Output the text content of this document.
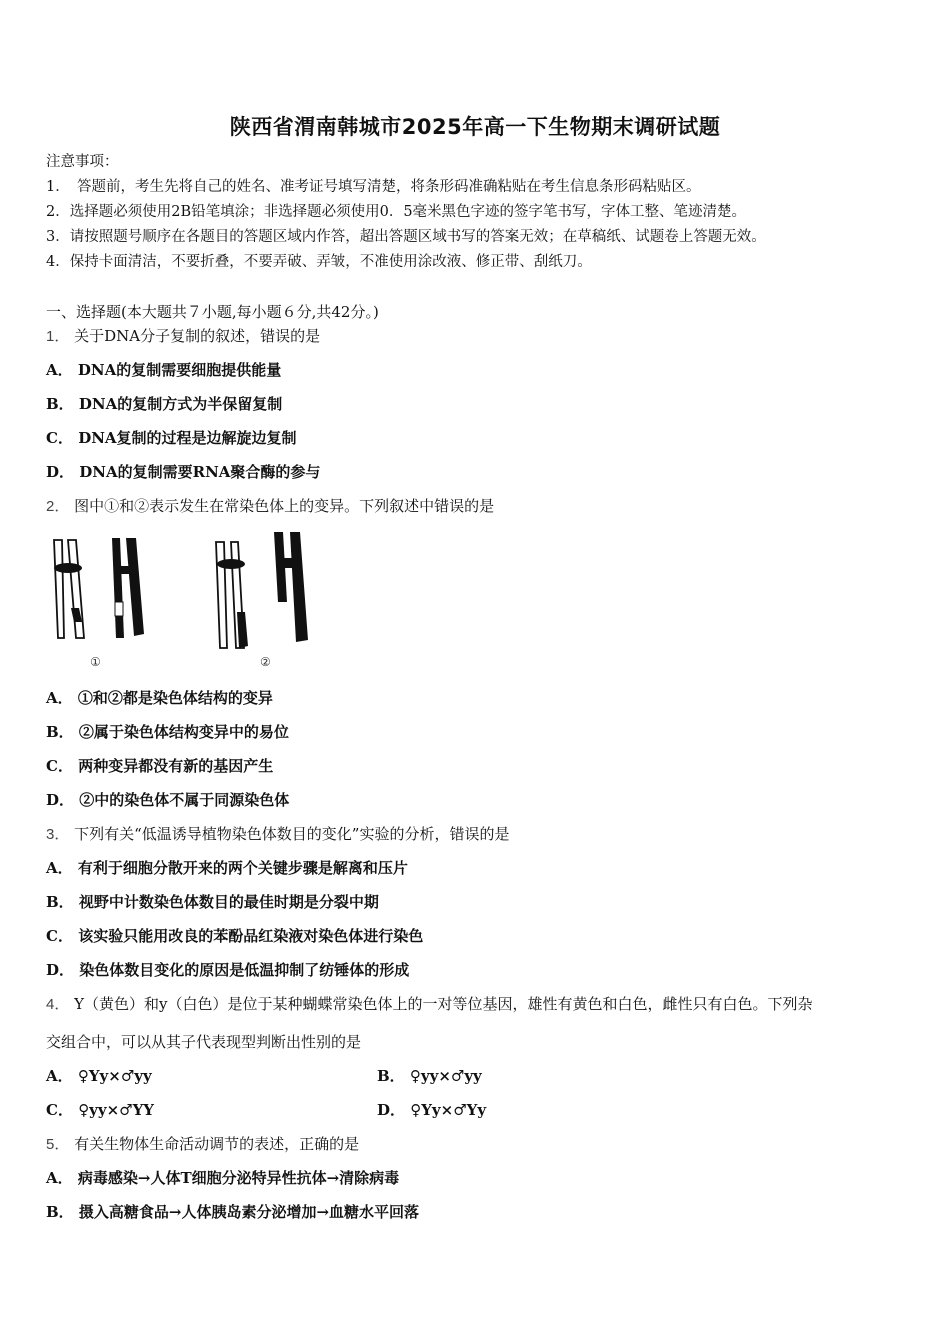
陕西省渭南韩城市2025年高一下生物期末调研试题
注意事项：
1．　答题前，考生先将自己的姓名、准考证号填写清楚，将条形码准确粘贴在考生信息条形码粘贴区。
2．选择题必须使用2B铅笔填涂；非选择题必须使用0．5毫米黑色字迹的签字笔书写，字体工整、笔迹清楚。
3．请按照题号顺序在各题目的答题区域内作答，超出答题区域书写的答案无效；在草稿纸、试题卷上答题无效。
4．保持卡面清洁，不要折叠，不要弄破、弄皱，不准使用涂改液、修正带、刮纸刀。
一、选择题(本大题共７小题,每小题６分,共42分。)
1． 关于DNA分子复制的叙述，错误的是
A． DNA的复制需要细胞提供能量
B． DNA的复制方式为半保留复制
C． DNA复制的过程是边解旋边复制
D． DNA的复制需要RNA聚合酶的参与
2． 图中①和②表示发生在常染色体上的变异。下列叙述中错误的是
①	②
A． ①和②都是染色体结构的变异
B． ②属于染色体结构变异中的易位
C． 两种变异都没有新的基因产生
D． ②中的染色体不属于同源染色体
3． 下列有关“低温诱导植物染色体数目的变化”实验的分析，错误的是
A． 有利于细胞分散开来的两个关键步骤是解离和压片
B． 视野中计数染色体数目的最佳时期是分裂中期
C． 该实验只能用改良的苯酚品红染液对染色体进行染色
D． 染色体数目变化的原因是低温抑制了纺锤体的形成
4． Y（黄色）和y（白色）是位于某种蝴蝶常染色体上的一对等位基因，雄性有黄色和白色，雌性只有白色。下列杂
交组合中，可以从其子代表现型判断出性别的是
A． ♀Yy×♂yy	B． ♀yy×♂yy
C． ♀yy×♂YY	D． ♀Yy×♂Yy
5． 有关生物体生命活动调节的表述，正确的是
A． 病毒感染→人体T细胞分泌特异性抗体→清除病毒
B． 摄入高糖食品→人体胰岛素分泌增加→血糖水平回落
